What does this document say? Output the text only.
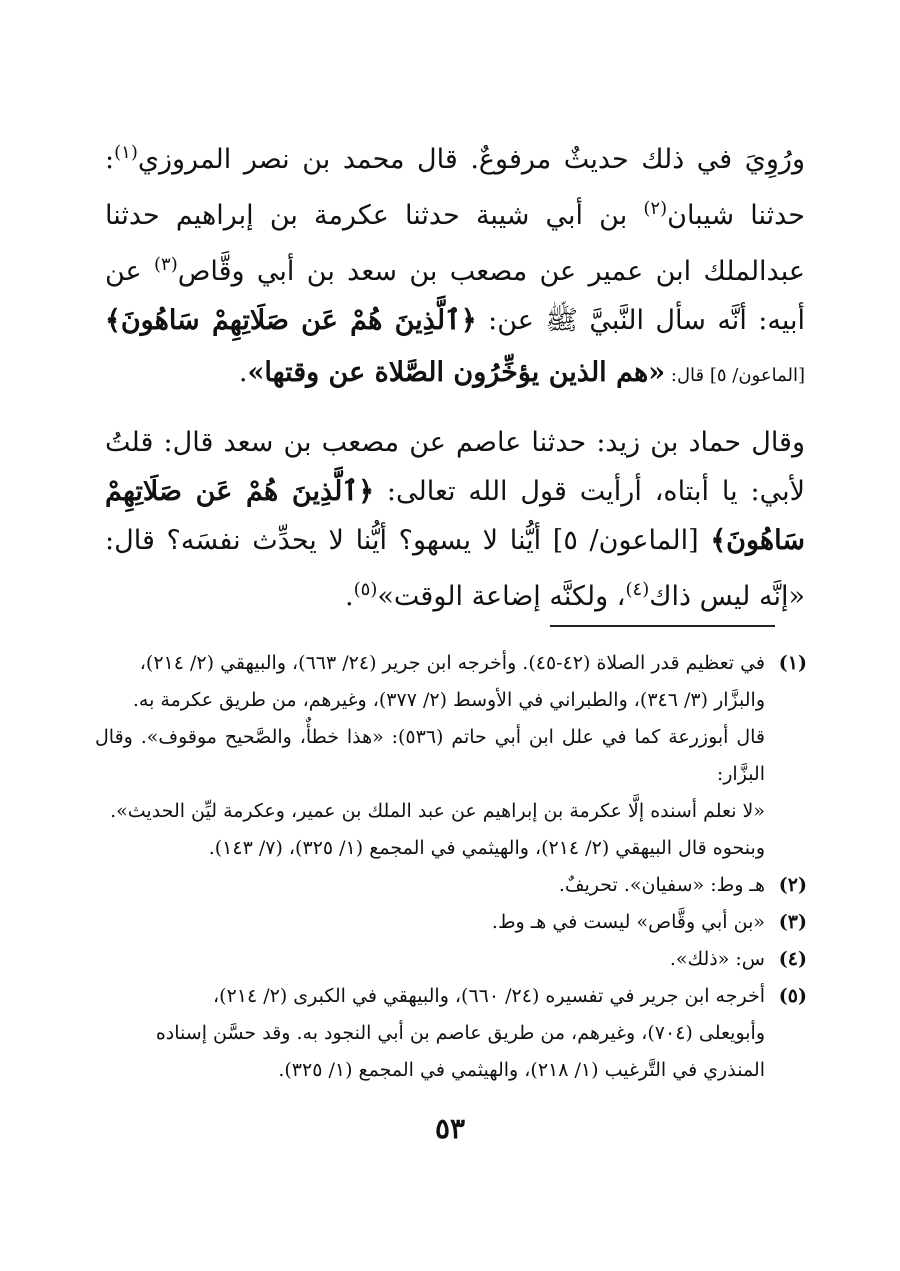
ورُوِيَ في ذلك حديثٌ مرفوعٌ. قال محمد بن نصر المروزي$^{(١)}$: حدثنا شيبان$^{(٢)}$ بن أبي شيبة حدثنا عكرمة بن إبراهيم حدثنا عبدالملك ابن عمير عن مصعب بن سعد بن أبي وقَّاص$^{(٣)}$ عن أبيه: أنَّه سأل النَّبيَّ ﷺ عن: ﴿ٱلَّذِينَ هُمْ عَن صَلَاتِهِمْ سَاهُونَ﴾ [الماعون/ ٥] قال: «هم الذين يؤخِّرُون الصَّلاة عن وقتها».

وقال حماد بن زيد: حدثنا عاصم عن مصعب بن سعد قال: قلتُ لأبي: يا أبتاه، أرأيت قول الله تعالى: ﴿ٱلَّذِينَ هُمْ عَن صَلَاتِهِمْ سَاهُونَ﴾ [الماعون/ ٥] أيُّنا لا يسهو؟ أيُّنا لا يحدِّث نفسَه؟ قال: «إنَّه ليس ذاك$^{(٤)}$، ولكنَّه إضاعة الوقت»$^{(٥)}$.

(١)
في تعظيم قدر الصلاة (٤٢-٤٥). وأخرجه ابن جرير (٢٤/ ٦٦٣)، والبيهقي (٢/ ٢١٤)،
والبزَّار (٣/ ٣٤٦)، والطبراني في الأوسط (٢/ ٣٧٧)، وغيرهم، من طريق عكرمة به.
قال أبوزرعة كما في علل ابن أبي حاتم (٥٣٦): «هذا خطأٌ، والصَّحيح موقوف». وقال البزَّار:
«لا نعلم أسنده إلَّا عكرمة بن إبراهيم عن عبد الملك بن عمير، وعكرمة ليِّن الحديث».
وبنحوه قال البيهقي (٢/ ٢١٤)، والهيثمي في المجمع (١/ ٣٢٥)، (٧/ ١٤٣).
(٢)
هـ وط: «سفيان». تحريفٌ.
(٣)
«بن أبي وقَّاص» ليست في هـ وط.
(٤)
س: «ذلك».
(٥)
أخرجه ابن جرير في تفسيره (٢٤/ ٦٦٠)، والبيهقي في الكبرى (٢/ ٢١٤)،
وأبويعلى (٧٠٤)، وغيرهم، من طريق عاصم بن أبي النجود به. وقد حسَّن إسناده
المنذري في التَّرغيب (١/ ٢١٨)، والهيثمي في المجمع (١/ ٣٢٥).
٥٣
